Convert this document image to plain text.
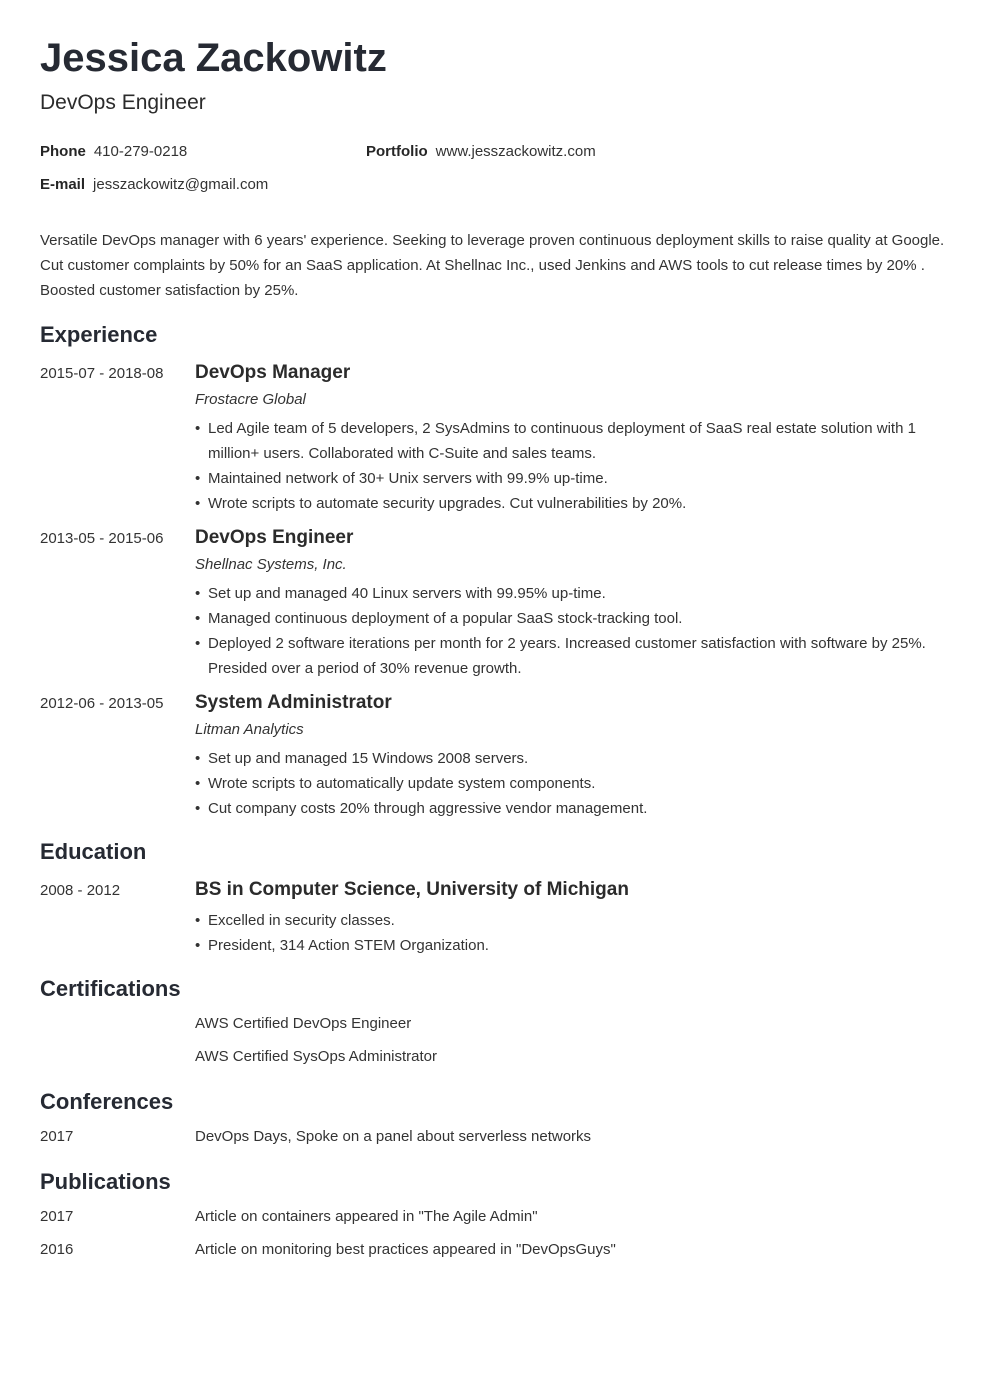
Jessica Zackowitz
DevOps Engineer
Phone 410-279-0218	Portfolio www.jesszackowitz.com
E-mail jesszackowitz@gmail.com
Versatile DevOps manager with 6 years' experience. Seeking to leverage proven continuous deployment skills to raise quality at Google. Cut customer complaints by 50% for an SaaS application. At Shellnac Inc., used Jenkins and AWS tools to cut release times by 20% . Boosted customer satisfaction by 25%.
Experience
2015-07 - 2018-08 DevOps Manager
Frostacre Global
• Led Agile team of 5 developers, 2 SysAdmins to continuous deployment of SaaS real estate solution with 1 million+ users. Collaborated with C-Suite and sales teams.
• Maintained network of 30+ Unix servers with 99.9% up-time.
• Wrote scripts to automate security upgrades. Cut vulnerabilities by 20%.
2013-05 - 2015-06 DevOps Engineer
Shellnac Systems, Inc.
• Set up and managed 40 Linux servers with 99.95% up-time.
• Managed continuous deployment of a popular SaaS stock-tracking tool.
• Deployed 2 software iterations per month for 2 years. Increased customer satisfaction with software by 25%. Presided over a period of 30% revenue growth.
2012-06 - 2013-05 System Administrator
Litman Analytics
• Set up and managed 15 Windows 2008 servers.
• Wrote scripts to automatically update system components.
• Cut company costs 20% through aggressive vendor management.
Education
2008 - 2012	BS in Computer Science, University of Michigan
• Excelled in security classes.
• President, 314 Action STEM Organization.
Certifications
AWS Certified DevOps Engineer
AWS Certified SysOps Administrator
Conferences
2017	DevOps Days, Spoke on a panel about serverless networks
Publications
2017	Article on containers appeared in "The Agile Admin"
2016	Article on monitoring best practices appeared in "DevOpsGuys"
